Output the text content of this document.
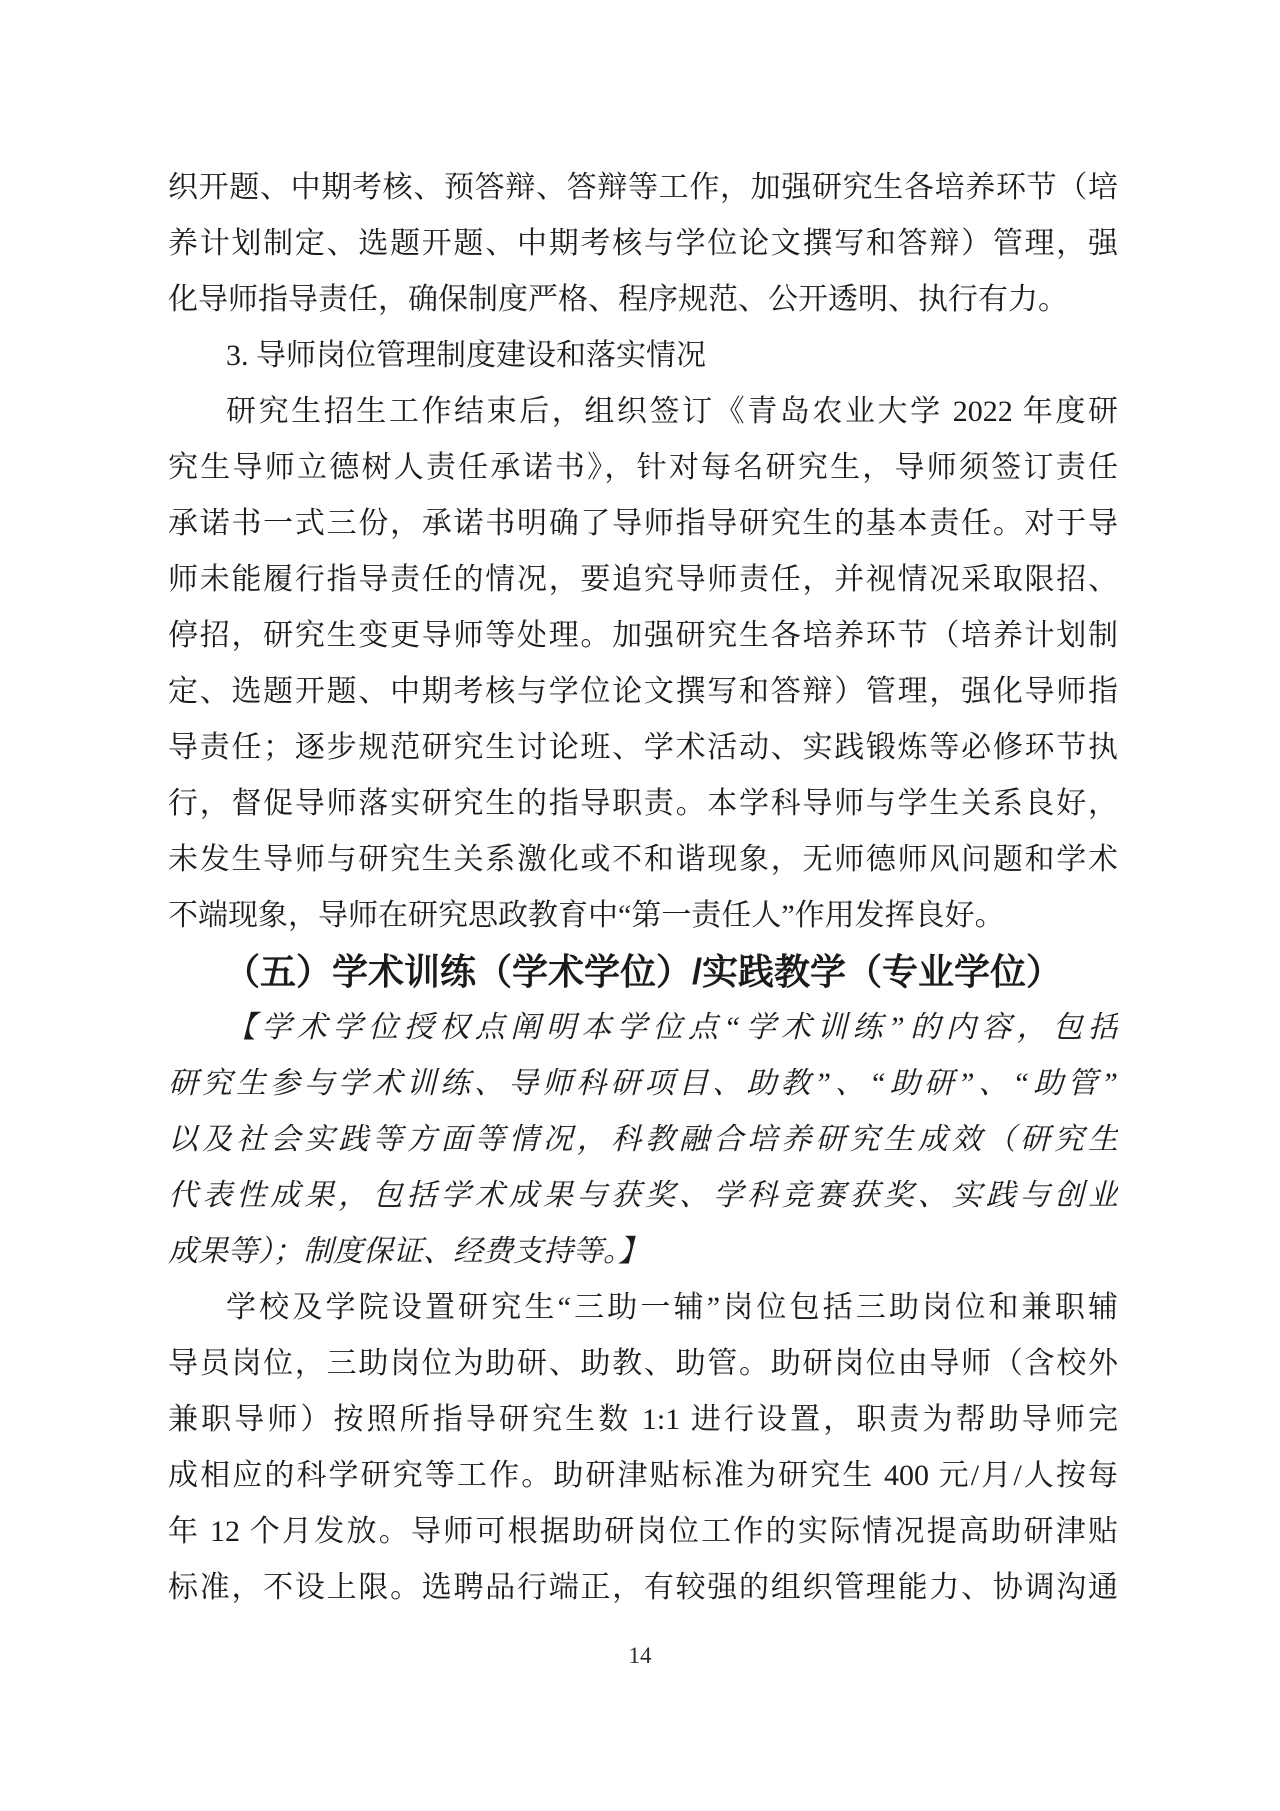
织开题、中期考核、预答辩、答辩等工作，加强研究生各培养环节（培
养计划制定、选题开题、中期考核与学位论文撰写和答辩）管理，强
化导师指导责任，确保制度严格、程序规范、公开透明、执行有力。
3. 导师岗位管理制度建设和落实情况
研究生招生工作结束后，组织签订《青岛农业大学 2022 年度研
究生导师立德树人责任承诺书》，针对每名研究生，导师须签订责任
承诺书一式三份，承诺书明确了导师指导研究生的基本责任。对于导
师未能履行指导责任的情况，要追究导师责任，并视情况采取限招、
停招，研究生变更导师等处理。加强研究生各培养环节（培养计划制
定、选题开题、中期考核与学位论文撰写和答辩）管理，强化导师指
导责任；逐步规范研究生讨论班、学术活动、实践锻炼等必修环节执
行，督促导师落实研究生的指导职责。本学科导师与学生关系良好，
未发生导师与研究生关系激化或不和谐现象，无师德师风问题和学术
不端现象，导师在研究思政教育中“第一责任人”作用发挥良好。
（五）学术训练（学术学位）/实践教学（专业学位）
【学术学位授权点阐明本学位点“学术训练”的内容，包括
研究生参与学术训练、导师科研项目、助教”、“助研”、“助管”
以及社会实践等方面等情况，科教融合培养研究生成效（研究生
代表性成果，包括学术成果与获奖、学科竞赛获奖、实践与创业
成果等）；制度保证、经费支持等。】
学校及学院设置研究生“三助一辅”岗位包括三助岗位和兼职辅
导员岗位，三助岗位为助研、助教、助管。助研岗位由导师（含校外
兼职导师）按照所指导研究生数 1:1 进行设置，职责为帮助导师完
成相应的科学研究等工作。助研津贴标准为研究生 400 元/月/人按每
年 12 个月发放。导师可根据助研岗位工作的实际情况提高助研津贴
标准，不设上限。选聘品行端正，有较强的组织管理能力、协调沟通
14
